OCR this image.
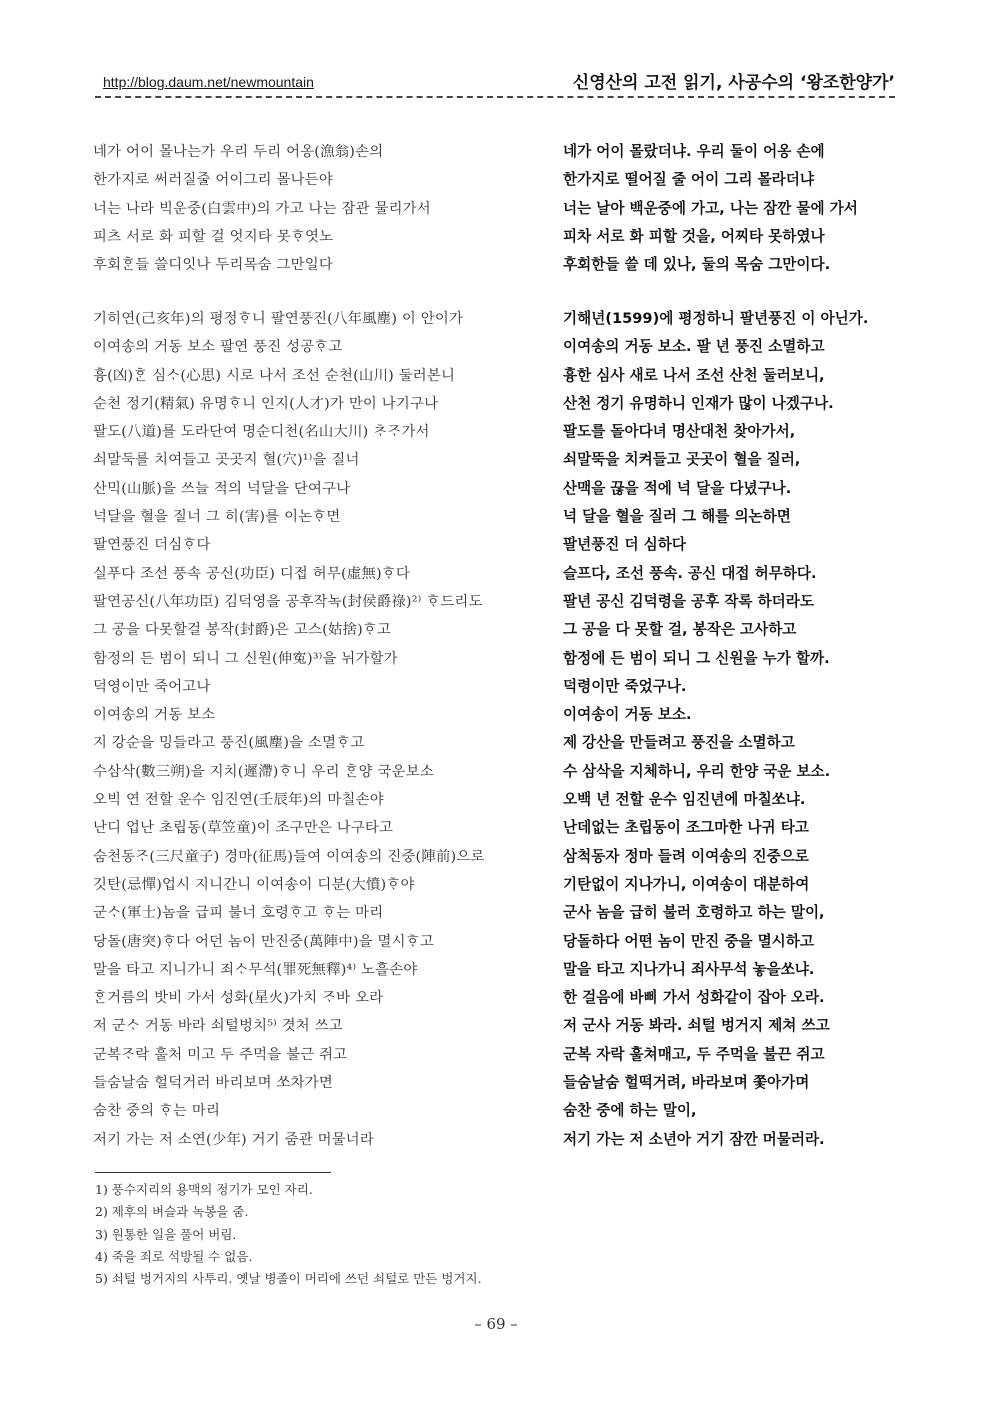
http://blog.daum.net/newmountain	신영산의 고전 읽기, 사공수의 ‘왕조한양가’
네가 어이 몰나는가 우리 두리 어옹(漁翁)손의	네가 어이 몰랐더냐. 우리 둘이 어옹 손에
한가지로 써러질줄 어이그리 몰나든야	한가지로 떨어질 줄 어이 그리 몰라더냐
너는 나라 빅운중(白雲中)의 가고 나는 잠관 물리가서	너는 날아 백운중에 가고, 나는 잠깐 물에 가서
피츠 서로 화 피할 걸 엇지타 못ᄒᆞ엿노	피차 서로 화 피할 것을, 어찌타 못하였나
후회ᄒᆞᆫ들 쓸디잇나 두리목숨 그만일다	후회한들 쓸 데 있나, 둘의 목숨 그만이다.
기히연(己亥年)의 평정ᄒᆞ니 팔연풍진(八年風塵) 이 안이가	기해년(1599)에 평정하니 팔년풍진 이 아닌가.
이여송의 거동 보소 팔연 풍진 성공ᄒᆞ고	이여송의 거동 보소. 팔 년 풍진 소멸하고
흉(凶)ᄒᆞᆫ 심ᄉᆞ(心思) 시로 나서 조선 순천(山川) 둘러본니	흉한 심사 새로 나서 조선 산천 둘러보니,
순천 정기(精氣) 유명ᄒᆞ니 인지(人才)가 만이 나기구나	산천 정기 유명하니 인재가 많이 나겠구나.
팔도(八道)를 도라단여 명순디천(名山大川) ᄎᆞᄌᆞ가서	팔도를 돌아다녀 명산대천 찾아가서,
쇠말둑를 치여들고 곳곳지 혈(穴)¹⁾을 질너	쇠말뚝을 치켜들고 곳곳이 혈을 질러,
산믹(山脈)을 쓰늘 적의 넉달을 단여구나	산맥을 끊을 적에 넉 달을 다녔구나.
넉달을 혈을 질너 그 히(害)를 이논ᄒᆞ면	넉 달을 혈을 질러 그 해를 의논하면
팔연풍진 더심ᄒᆞ다	팔년풍진 더 심하다
실푸다 조선 풍속 공신(功臣) 디접 허무(虛無)ᄒᆞ다	슬프다, 조선 풍속. 공신 대접 허무하다.
팔연공신(八年功臣) 김덕영을 공후작녹(封侯爵祿)²⁾ ᄒᆞ드리도	팔년 공신 김덕령을 공후 작록 하더라도
그 공을 다못할걸 봉작(封爵)은 고스(姑捨)ᄒᆞ고	그 공을 다 못할 걸, 봉작은 고사하고
함정의 든 범이 되니 그 신원(伸寃)³⁾을 뉘가할가	함정에 든 범이 되니 그 신원을 누가 할까.
덕영이만 죽어고나	덕령이만 죽었구나.
이여송의 거동 보소	이여송이 거동 보소.
지 강순을 밍들라고 풍진(風塵)을 소멸ᄒᆞ고	제 강산을 만들려고 풍진을 소멸하고
수삼삭(數三朔)을 지치(遲滯)ᄒᆞ니 우리 ᄒᆞᆫ양 국운보소	수 삼삭을 지체하니, 우리 한양 국운 보소.
오빅 연 전할 운수 임진연(壬辰年)의 마칠손야	오백 년 전할 운수 임진년에 마칠쏘냐.
난디 업난 초립동(草笠童)이 조구만은 나구타고	난데없는 초립동이 조그마한 나귀 타고
숨천동ᄌᆞ(三尺童子) 경마(征馬)들여 이여송의 진중(陣前)으로	삼척동자 정마 들려 이여송의 진중으로
깃탄(忌憚)업시 지니간니 이여송이 디분(大憤)ᄒᆞ야	기탄없이 지나가니, 이여송이 대분하여
군ᄉᆞ(軍士)놈을 급피 불너 호령ᄒᆞ고 ᄒᆞ는 마리	군사 놈을 급히 불러 호령하고 하는 말이,
당돌(唐突)ᄒᆞ다 어던 놈이 만진중(萬陣中)을 멸시ᄒᆞ고	당돌하다 어떤 놈이 만진 중을 멸시하고
말을 타고 지니가니 죄ᄉᆞ무석(罪死無釋)⁴⁾ 노흘손야	말을 타고 지나가니 죄사무석 놓을쏘냐.
ᄒᆞᆫ거름의 밧비 가서 성화(星火)가치 ᄌᆞ바 오라	한 걸음에 바삐 가서 성화같이 잡아 오라.
저 군ᄉᆞ 거동 바라 쇠털벙치⁵⁾ 겻처 쓰고	저 군사 거동 봐라. 쇠털 벙거지 제쳐 쓰고
군복ᄌᆞ락 훌처 미고 두 주먹을 불근 쥐고	군복 자락 훌쳐매고, 두 주먹을 불끈 쥐고
들숨날숨 헐덕거러 바리보며 쏘차가면	들숨날숨 헐떡거려, 바라보며 쫓아가며
숨찬 중의 ᄒᆞ는 마리	숨찬 중에 하는 말이,
저기 가는 저 소연(少年) 거기 줌관 머물너라	저기 가는 저 소년아 거기 잠깐 머물러라.
1) 풍수지리의 용맥의 정기가 모인 자리.
2) 제후의 벼슬과 녹봉을 줌.
3) 원통한 일을 풀어 버림.
4) 죽을 죄로 석방될 수 없음.
5) 쇠털 벙거지의 사투리. 옛날 병졸이 머리에 쓰던 쇠털로 만든 벙거지.
– 69 –
